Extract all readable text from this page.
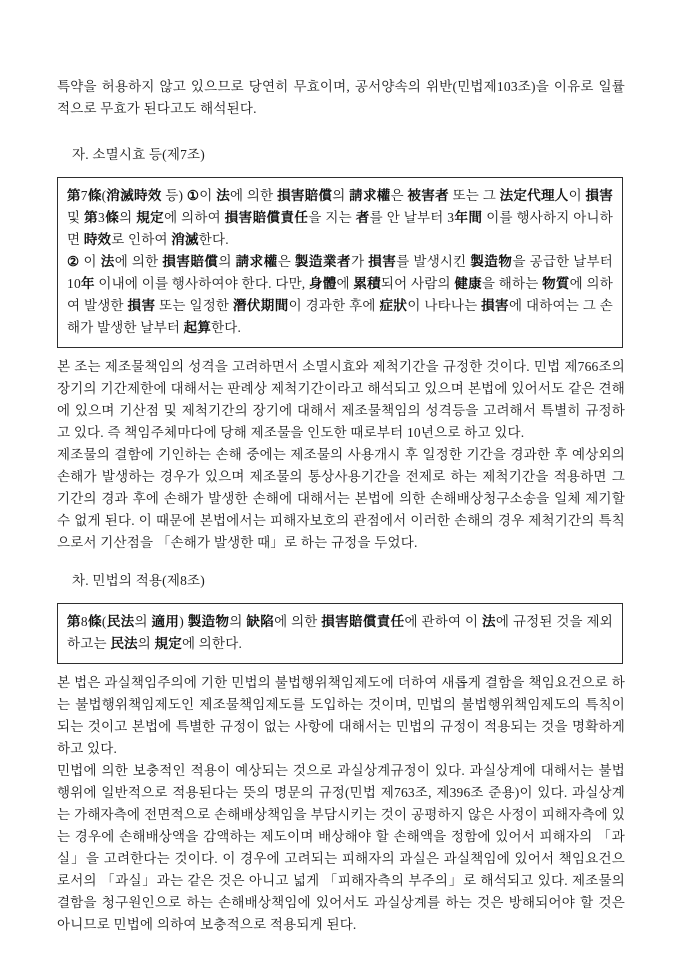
특약을 허용하지 않고 있으므로 당연히 무효이며, 공서양속의 위반(민법제103조)을 이유로 일률적으로 무효가 된다고도 해석된다.

자. 소멸시효 등(제7조)

第7條(消滅時效 등) ①이 法에 의한 損害賠償의 請求權은 被害者 또는 그 法定代理人이 損害 및 第3條의 規定에 의하여 損害賠償責任을 지는 者를 안 날부터 3年間 이를 행사하지 아니하면 時效로 인하여 消滅한다.

② 이 法에 의한 損害賠償의 請求權은 製造業者가 損害를 발생시킨 製造物을 공급한 날부터 10年 이내에 이를 행사하여야 한다. 다만, 身體에 累積되어 사람의 健康을 해하는 物質에 의하여 발생한 損害 또는 일정한 潛伏期間이 경과한 후에 症狀이 나타나는 損害에 대하여는 그 손해가 발생한 날부터 起算한다.

본 조는 제조물책임의 성격을 고려하면서 소멸시효와 제척기간을 규정한 것이다. 민법 제766조의 장기의 기간제한에 대해서는 판례상 제척기간이라고 해석되고 있으며 본법에 있어서도 같은 견해에 있으며 기산점 및 제척기간의 장기에 대해서 제조물책임의 성격등을 고려해서 특별히 규정하고 있다. 즉 책임주체마다에 당해 제조물을 인도한 때로부터 10년으로 하고 있다.

제조물의 결함에 기인하는 손해 중에는 제조물의 사용개시 후 일정한 기간을 경과한 후 예상외의 손해가 발생하는 경우가 있으며 제조물의 통상사용기간을 전제로 하는 제척기간을 적용하면 그 기간의 경과 후에 손해가 발생한 손해에 대해서는 본법에 의한 손해배상청구소송을 일체 제기할 수 없게 된다. 이 때문에 본법에서는 피해자보호의 관점에서 이러한 손해의 경우 제척기간의 특칙으로서 기산점을 「손해가 발생한 때」로 하는 규정을 두었다.

차. 민법의 적용(제8조)

第8條(民法의 適用) 製造物의 缺陷에 의한 損害賠償責任에 관하여 이 法에 규정된 것을 제외하고는 民法의 規定에 의한다.

본 법은 과실책임주의에 기한 민법의 불법행위책임제도에 더하여 새롭게 결함을 책임요건으로 하는 불법행위책임제도인 제조물책임제도를 도입하는 것이며, 민법의 불법행위책임제도의 특칙이 되는 것이고 본법에 특별한 규정이 없는 사항에 대해서는 민법의 규정이 적용되는 것을 명확하게 하고 있다.

민법에 의한 보충적인 적용이 예상되는 것으로 과실상계규정이 있다. 과실상계에 대해서는 불법행위에 일반적으로 적용된다는 뜻의 명문의 규정(민법 제763조, 제396조 준용)이 있다. 과실상계는 가해자측에 전면적으로 손해배상책임을 부담시키는 것이 공평하지 않은 사정이 피해자측에 있는 경우에 손해배상액을 감액하는 제도이며 배상해야 할 손해액을 정함에 있어서 피해자의 「과실」을 고려한다는 것이다. 이 경우에 고려되는 피해자의 과실은 과실책임에 있어서 책임요건으로서의 「과실」과는 같은 것은 아니고 넓게 「피해자측의 부주의」로 해석되고 있다. 제조물의 결함을 청구원인으로 하는 손해배상책임에 있어서도 과실상계를 하는 것은 방해되어야 할 것은 아니므로 민법에 의하여 보충적으로 적용되게 된다.
